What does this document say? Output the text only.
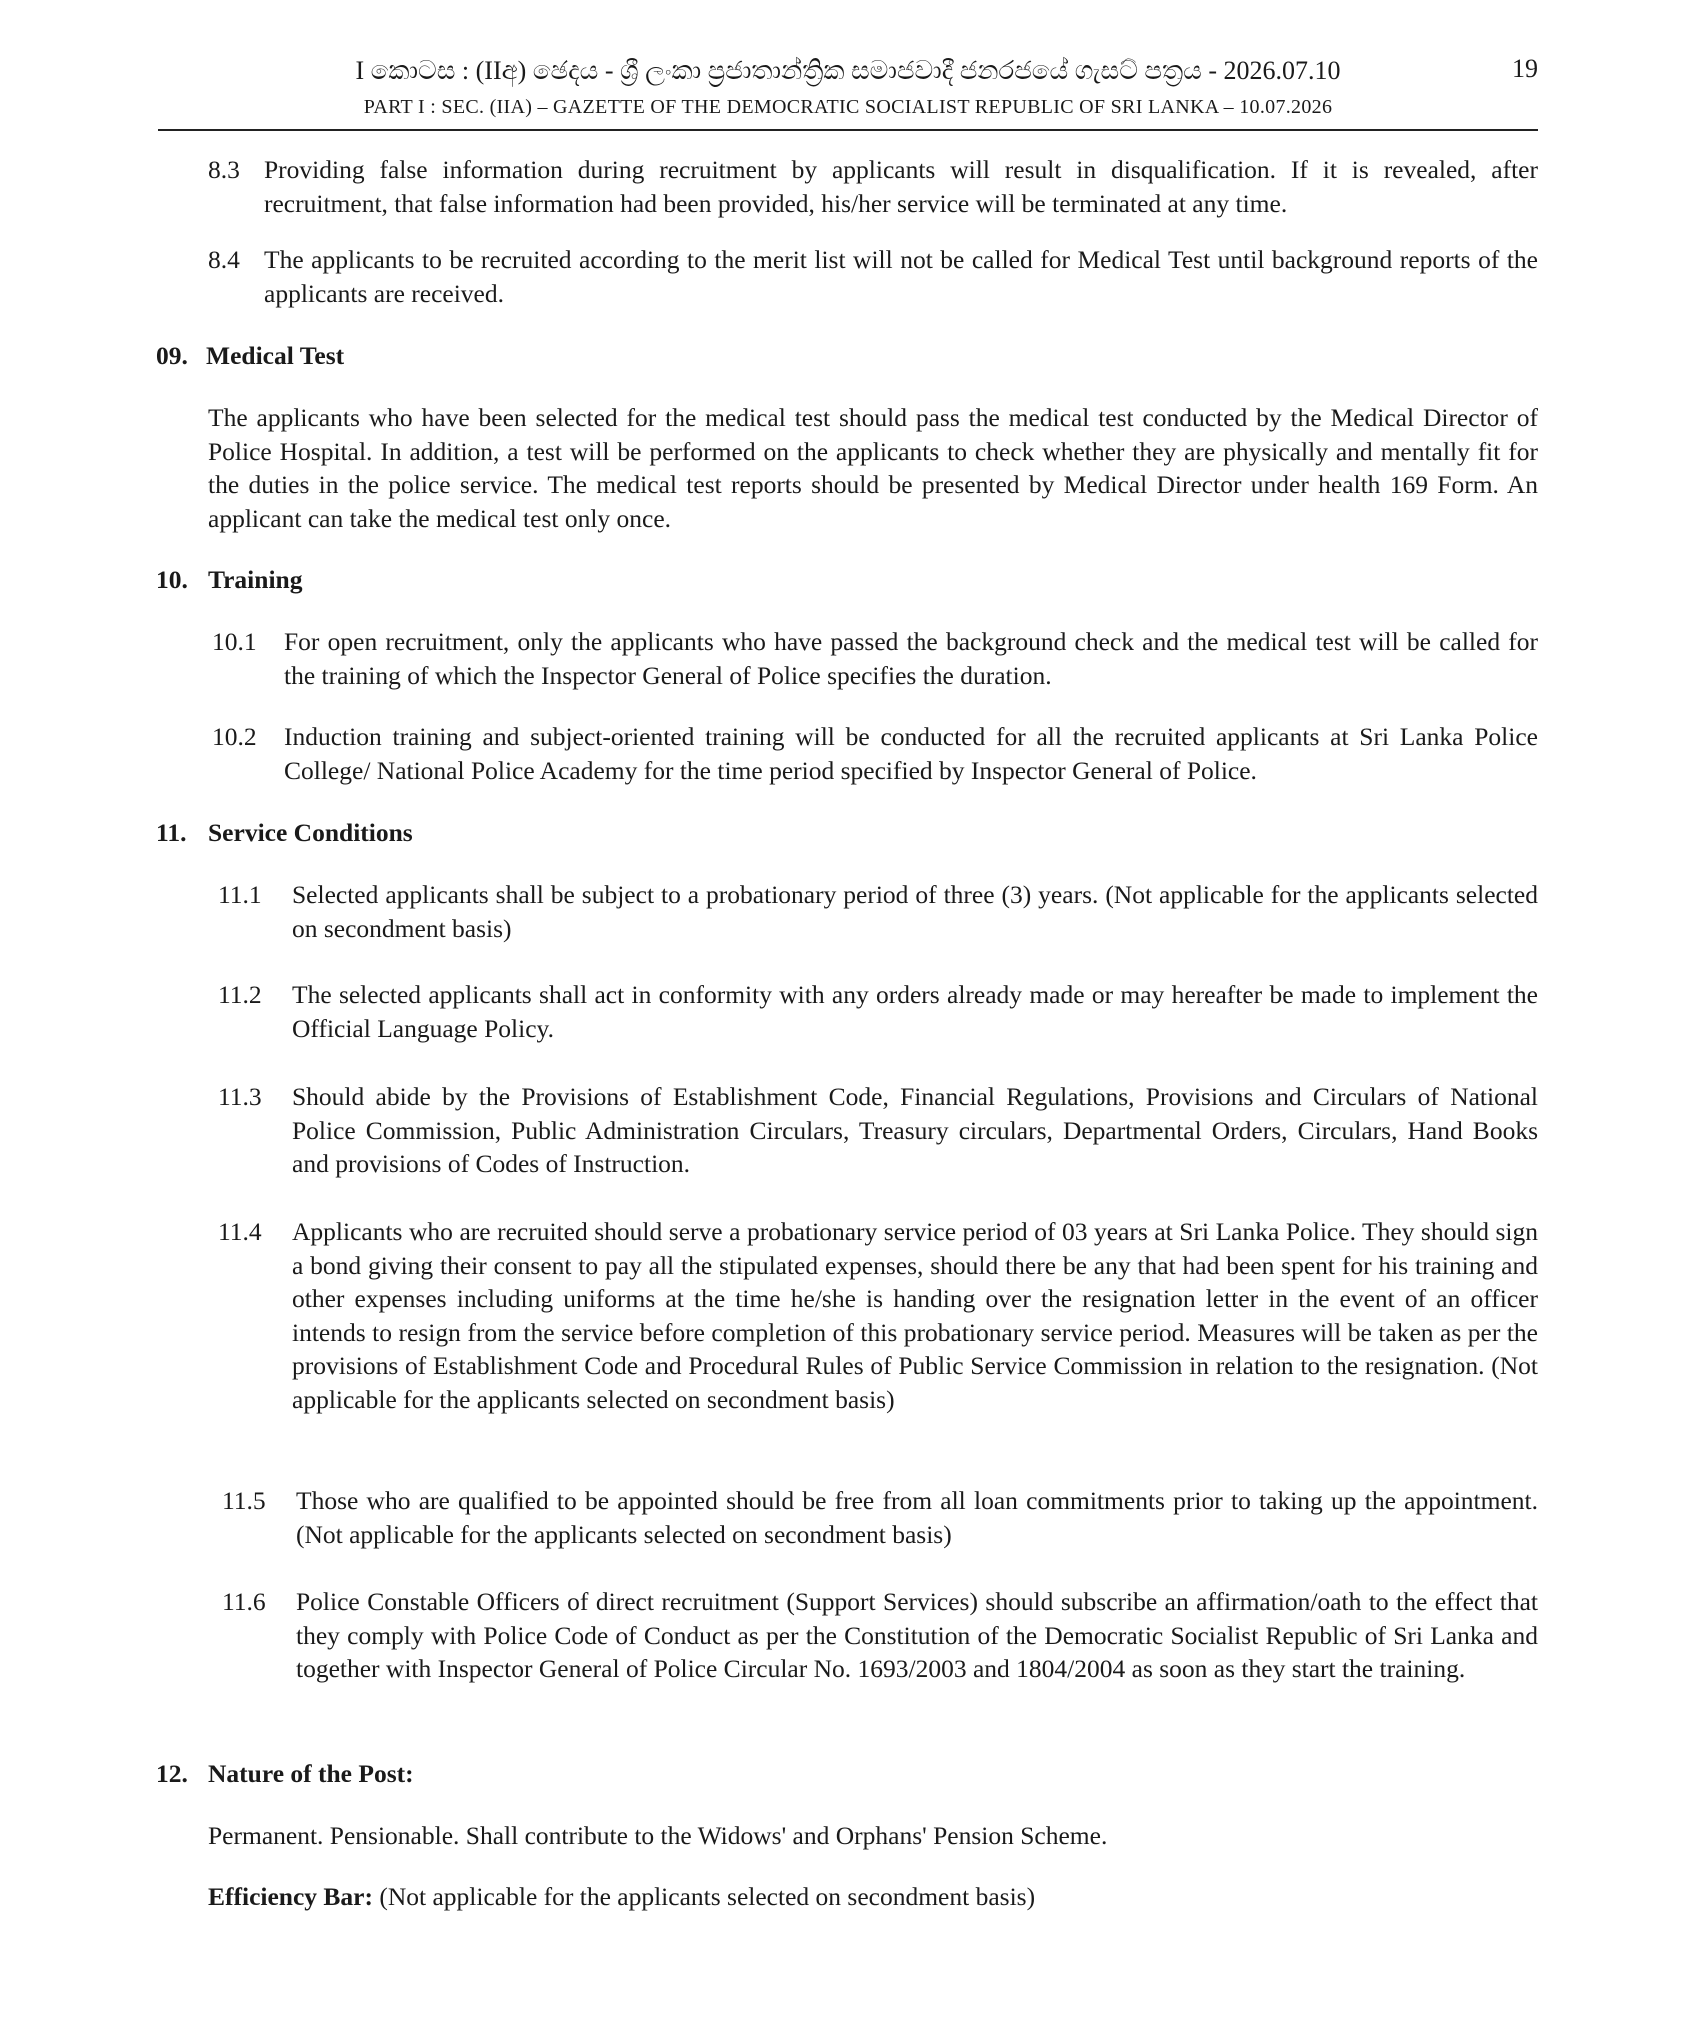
I කොටස : (IIඅ) ඡෙදය - ශ්‍රී ලංකා ප්‍රජාතාන්ත්‍රික සමාජවාදී ජනරජයේ ගැසට් පත්‍රය - 2026.07.10
PART I : SEC. (IIA) – GAZETTE OF THE DEMOCRATIC SOCIALIST REPUBLIC OF SRI LANKA – 10.07.2026
19
8.3 Providing false information during recruitment by applicants will result in disqualification. If it is revealed, after recruitment, that false information had been provided, his/her service will be terminated at any time.
8.4 The applicants to be recruited according to the merit list will not be called for Medical Test until background reports of the applicants are received.
09. Medical Test
The applicants who have been selected for the medical test should pass the medical test conducted by the Medical Director of Police Hospital. In addition, a test will be performed on the applicants to check whether they are physically and mentally fit for the duties in the police service. The medical test reports should be presented by Medical Director under health 169 Form. An applicant can take the medical test only once.
10. Training
10.1 For open recruitment, only the applicants who have passed the background check and the medical test will be called for the training of which the Inspector General of Police specifies the duration.
10.2 Induction training and subject-oriented training will be conducted for all the recruited applicants at Sri Lanka Police College/ National Police Academy for the time period specified by Inspector General of Police.
11. Service Conditions
11.1 Selected applicants shall be subject to a probationary period of three (3) years. (Not applicable for the applicants selected on secondment basis)
11.2 The selected applicants shall act in conformity with any orders already made or may hereafter be made to implement the Official Language Policy.
11.3 Should abide by the Provisions of Establishment Code, Financial Regulations, Provisions and Circulars of National Police Commission, Public Administration Circulars, Treasury circulars, Departmental Orders, Circulars, Hand Books and provisions of Codes of Instruction.
11.4 Applicants who are recruited should serve a probationary service period of 03 years at Sri Lanka Police. They should sign a bond giving their consent to pay all the stipulated expenses, should there be any that had been spent for his training and other expenses including uniforms at the time he/she is handing over the resignation letter in the event of an officer intends to resign from the service before completion of this probationary service period. Measures will be taken as per the provisions of Establishment Code and Procedural Rules of Public Service Commission in relation to the resignation. (Not applicable for the applicants selected on secondment basis)
11.5 Those who are qualified to be appointed should be free from all loan commitments prior to taking up the appointment. (Not applicable for the applicants selected on secondment basis)
11.6 Police Constable Officers of direct recruitment (Support Services) should subscribe an affirmation/oath to the effect that they comply with Police Code of Conduct as per the Constitution of the Democratic Socialist Republic of Sri Lanka and together with Inspector General of Police Circular No. 1693/2003 and 1804/2004 as soon as they start the training.
12. Nature of the Post:
Permanent. Pensionable. Shall contribute to the Widows' and Orphans' Pension Scheme.
Efficiency Bar: (Not applicable for the applicants selected on secondment basis)
